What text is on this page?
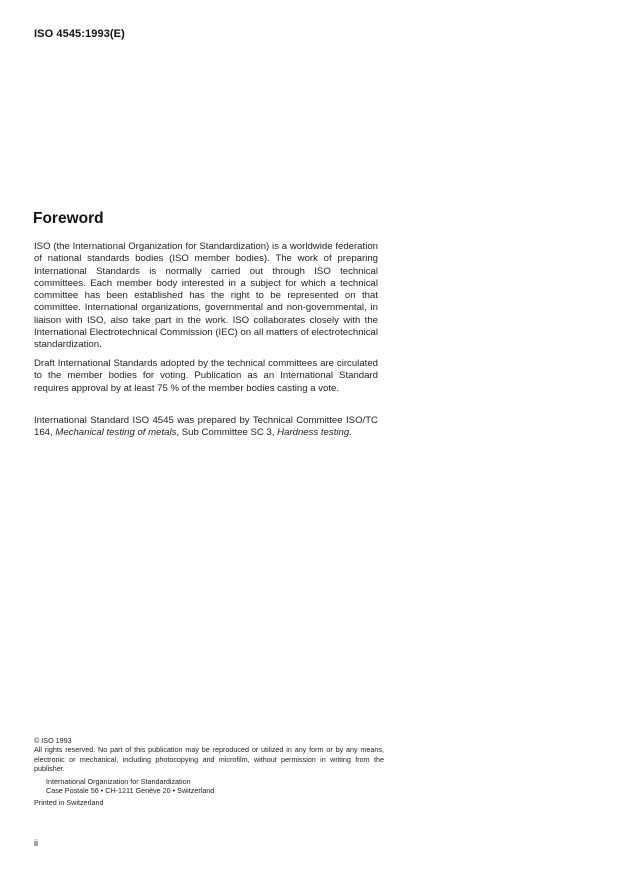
ISO 4545:1993(E)
Foreword

ISO (the International Organization for Standardization) is a worldwide federation of national standards bodies (ISO member bodies). The work of preparing International Standards is normally carried out through ISO technical committees. Each member body interested in a subject for which a technical committee has been established has the right to be represented on that committee. International organizations, governmental and non-governmental, in liaison with ISO, also take part in the work. ISO collaborates closely with the International Electrotechnical Commission (IEC) on all matters of electrotechnical standardization.

Draft International Standards adopted by the technical committees are circulated to the member bodies for voting. Publication as an International Standard requires approval by at least 75 % of the member bodies casting a vote.

International Standard ISO 4545 was prepared by Technical Committee ISO/TC 164, Mechanical testing of metals, Sub Committee SC 3, Hardness testing.

© ISO 1993

All rights reserved. No part of this publication may be reproduced or utilized in any form or by any means, electronic or mechanical, including photocopying and microfilm, without permission in writing from the publisher.

International Organization for Standardization
Case Postale 56 • CH-1211 Genève 20 • Switzerland
Printed in Switzerland
ii
